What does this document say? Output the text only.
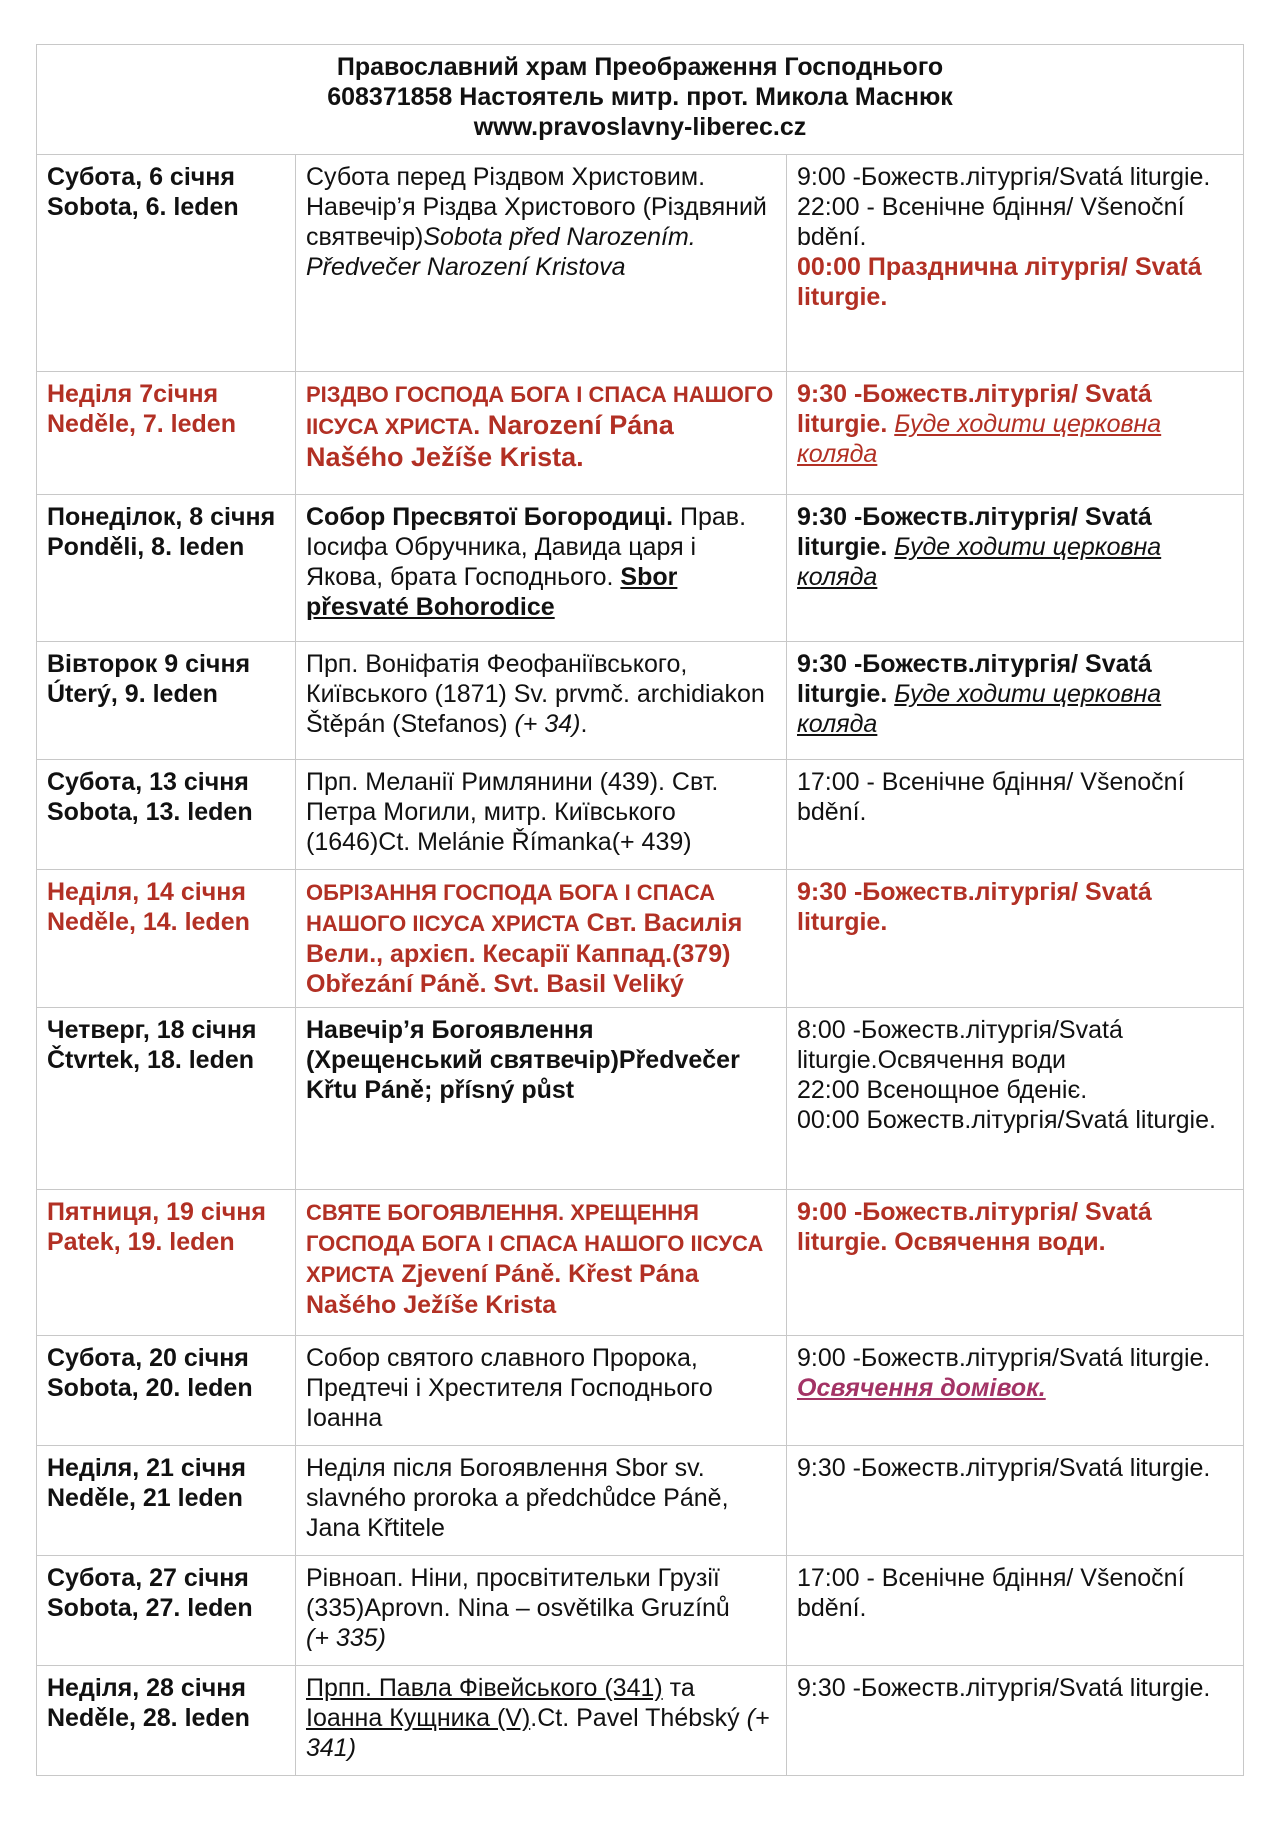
Православний храм Преображення Господнього
608371858 Настоятель митр. прот. Микола Маснюк
www.pravoslavny-liberec.cz		

Субота, 6 січня
Sobota, 6. leden	Субота перед Різдвом Христовим. Навечір’я Різдва Христового (Різдвяний святвечір)Sobota před Narozením. Předvečer Narození Kristova	9:00 -Божеств.літургія/Svatá liturgie.
22:00 - Всенічне бдіння/ Všenoční bdění.
00:00 Празднична літургія/ Svatá liturgie.

Неділя 7січня
Neděle, 7. leden	РІЗДВО ГОСПОДА БОГА І СПАСА НАШОГО ІІСУСА ХРИСТА. Narození Pána Našého Ježíše Krista.	9:30 -Божеств.літургія/ Svatá liturgie. Буде ходити церковна коляда

Понеділок, 8 січня
Ponděli, 8. leden	Собор Пресвятої Богородиці. Прав. Іосифа Обручника, Давида царя і Якова, брата Господнього. Sbor přesvaté Bohorodice	9:30 -Божеств.літургія/ Svatá liturgie. Буде ходити церковна коляда

Вівторок 9 січня
Úterý, 9. leden	Прп. Воніфатія Феофаніївського, Київського (1871) Sv. prvmč. archidiakon Štěpán (Stefanos) (+ 34).	9:30 -Божеств.літургія/ Svatá liturgie. Буде ходити церковна коляда

Субота, 13 січня
Sobota, 13. leden	Прп. Меланії Римлянини (439). Свт. Петра Могили, митр. Київського (1646)Ct. Melánie Římanka(+ 439)	17:00 - Всенічне бдіння/ Všenoční bdění.

Неділя, 14 січня
Neděle, 14. leden	ОБРІЗАННЯ ГОСПОДА БОГА І СПАСА НАШОГО ІІСУСА ХРИСТА Свт. Василія Вели., архієп. Кесарії Каппад.(379) Obřezání Páně. Svt. Basil Veliký	9:30 -Божеств.літургія/ Svatá liturgie.

Четверг, 18 січня
Čtvrtek, 18. leden	Навечір’я Богоявлення (Хрещенський святвечір)Předvečer Křtu Páně; přísný půst	8:00 -Божеств.літургія/Svatá liturgie.Освячення води
22:00 Всенощное бденіє.
00:00 Божеств.літургія/Svatá liturgie.

Пятниця, 19 січня
Patek, 19. leden	СВЯТЕ БОГОЯВЛЕННЯ. ХРЕЩЕННЯ ГОСПОДА БОГА І СПАСА НАШОГО ІІСУСА ХРИСТА Zjevení Páně. Křest Pána Našého Ježíše Krista	9:00 -Божеств.літургія/ Svatá liturgie. Освячення води.

Субота, 20 січня
Sobota, 20. leden	Собор святого славного Пророка, Предтечі і Хрестителя Господнього Іоанна	9:00 -Божеств.літургія/Svatá liturgie. Освячення домівок.

Неділя, 21 січня
Neděle, 21 leden	Неділя після Богоявлення Sbor sv. slavného proroka a předchůdce Páně, Jana Křtitele	9:30 -Божеств.літургія/Svatá liturgie.

Субота, 27 січня
Sobota, 27. leden	Рівноап. Ніни, просвітительки Грузії (335)Aprovn. Nina – osvětilka Gruzínů
(+ 335)	17:00 - Всенічне бдіння/ Všenoční bdění.

Неділя, 28 січня
Neděle, 28. leden	Прпп. Павла Фівейського (341) та Іоанна Кущника (V).Ct. Pavel Thébský (+ 341)	9:30 -Божеств.літургія/Svatá liturgie.
